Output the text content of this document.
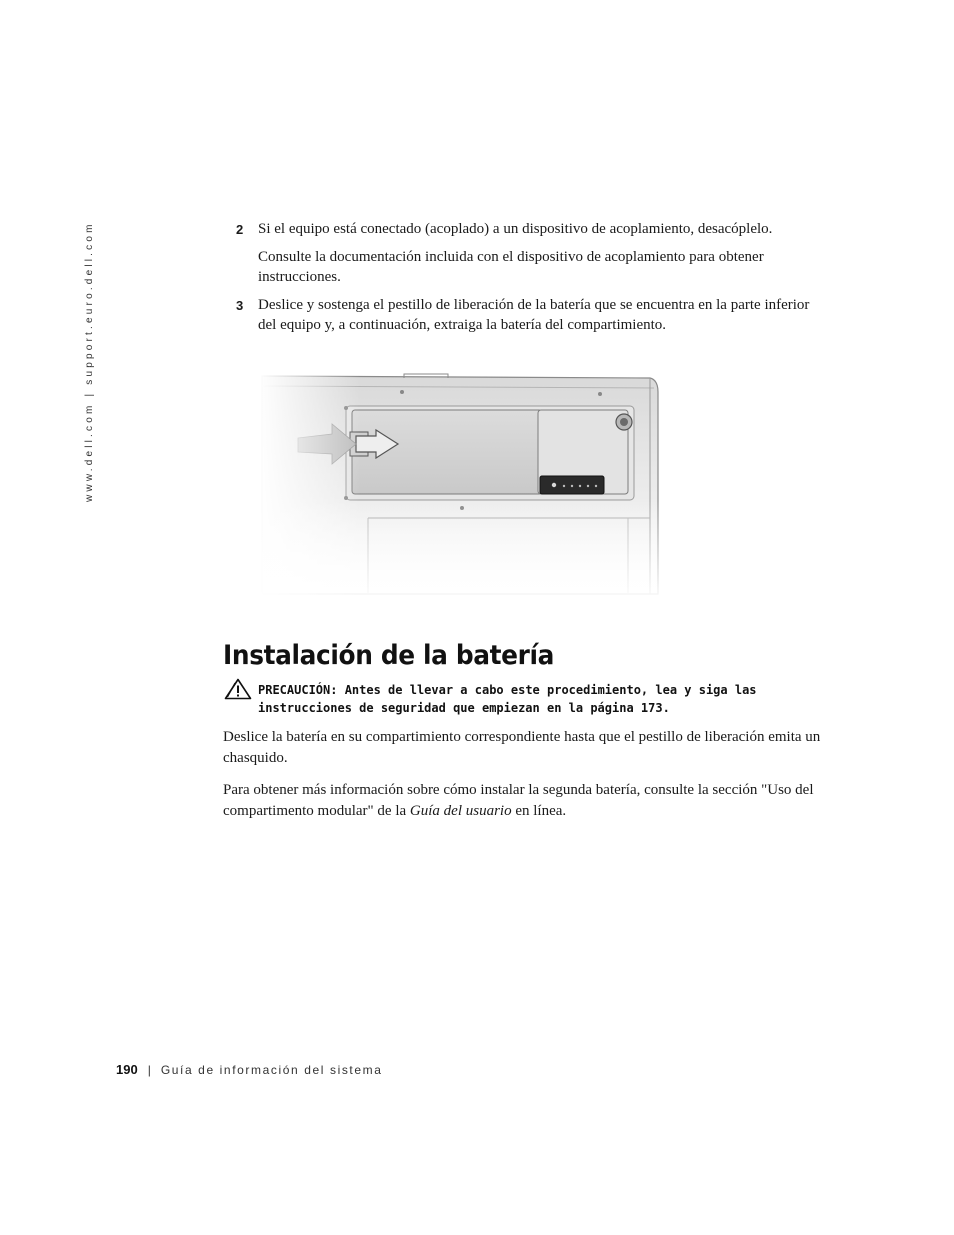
www.dell.com | support.euro.dell.com	2 Si el equipo está conectado (acoplado) a un dispositivo de acoplamiento, desacóplelo.
Consulte la documentación incluida con el dispositivo de acoplamiento para obtener instrucciones.
3 Deslice y sostenga el pestillo de liberación de la batería que se encuentra en la parte inferior del equipo y, a continuación, extraiga la batería del compartimiento.
Instalación de la batería
PRECAUCIÓN: Antes de llevar a cabo este procedimiento, lea y siga las instrucciones de seguridad que empiezan en la página 173.
Deslice la batería en su compartimiento correspondiente hasta que el pestillo de liberación emita un chasquido.
Para obtener más información sobre cómo instalar la segunda batería, consulte la sección "Uso del compartimento modular" de la Guía del usuario en línea.
190 | Guía de información del sistema
